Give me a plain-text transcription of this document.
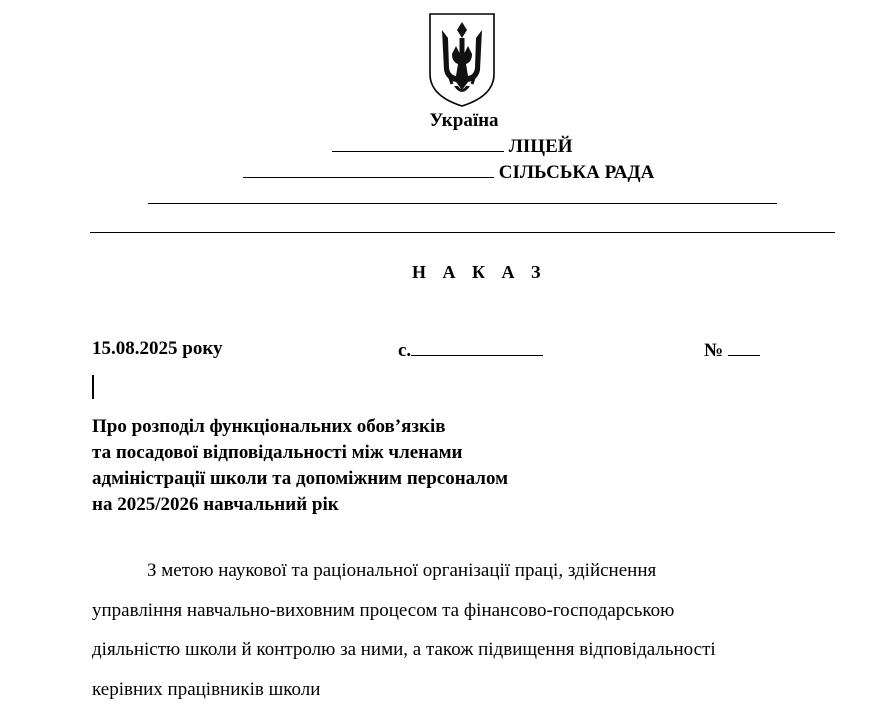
Україна
ЛІЦЕЙ
СІЛЬСЬКА РАДА
Н А К А З
15.08.2025 року	с.	№
Про розподіл функціональних обов’язків
та посадової відповідальності між членами
адміністрації школи та допоміжним персоналом
на 2025/2026 навчальний рік
З метою наукової та раціональної організації праці, здійснення
управління навчально-виховним процесом та фінансово-господарською
діяльністю школи й контролю за ними, а також підвищення відповідальності
керівних працівників школи
